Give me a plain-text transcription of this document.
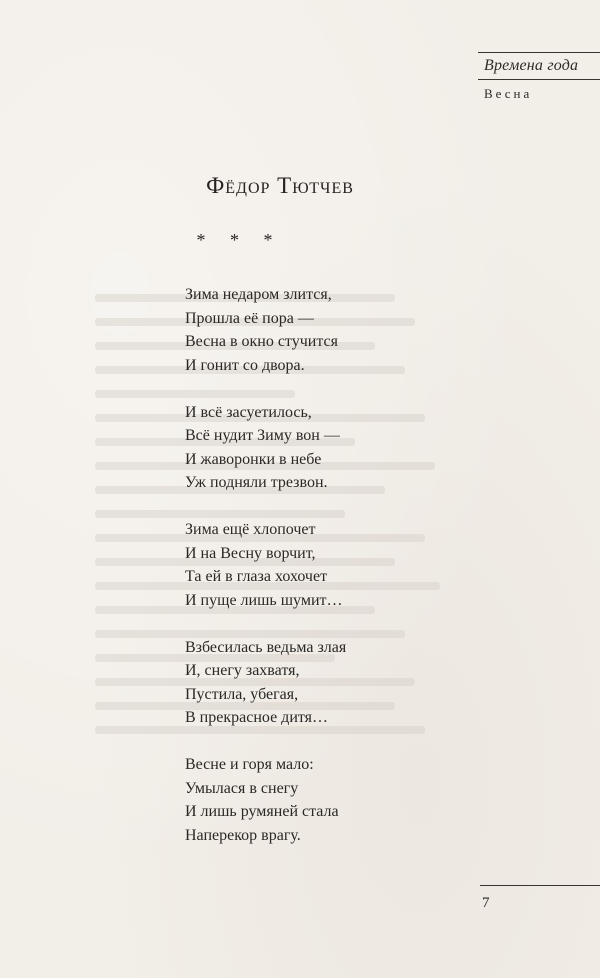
Времена года
Весна
Фёдор Тютчев
* * *
Зима недаром злится,
Прошла её пора —
Весна в окно стучится
И гонит со двора.
И всё засуетилось,
Всё нудит Зиму вон —
И жаворонки в небе
Уж подняли трезвон.
Зима ещё хлопочет
И на Весну ворчит,
Та ей в глаза хохочет
И пуще лишь шумит…
Взбесилась ведьма злая
И, снегу захватя,
Пустила, убегая,
В прекрасное дитя…
Весне и горя мало:
Умылася в снегу
И лишь румяней стала
Наперекор врагу.
7
